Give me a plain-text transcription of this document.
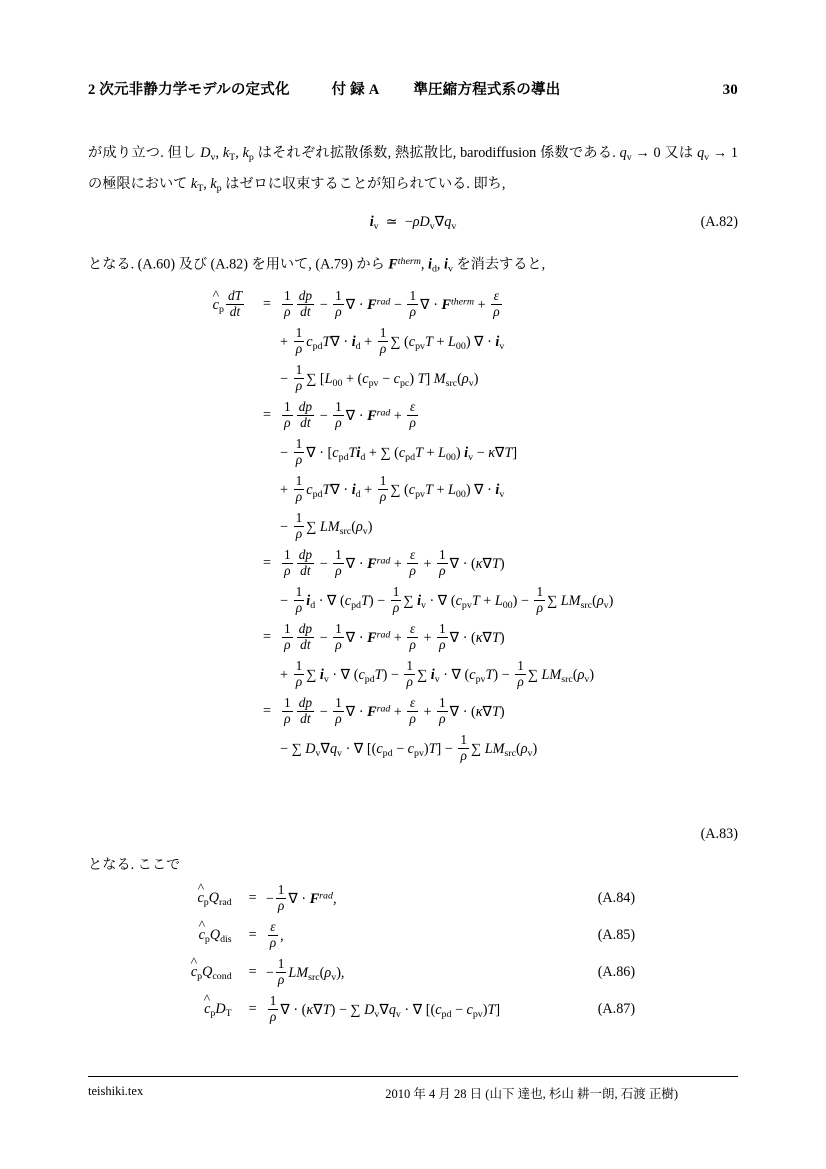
2 次元非静力学モデルの定式化	付 録 A 準圧縮方程式系の導出	30
が成り立つ. 但し $D_v$, $k_T$, $k_p$ はそれぞれ拡散係数, 熱拡散比, barodiffusion 係数である. $q_v \to 0$ 又は $q_v \to 1$ の極限において $k_T$, $k_p$ はゼロに収束することが知られている. 即ち,
$i_v$  ≃  $-\rho D_v\nabla q_v$	(A.82)
となる. (A.60) 及び (A.82) を用いて, (A.79) から $F^{therm}$, $i_d$, $i_v$ を消去すると,
c $\^{}_p \frac{dT}{dt}$	=	$\frac{1}{\rho} \frac{dp}{dt} - \frac{1}{\rho}$ ∇ · $F^{rad} - \frac{1}{\rho}$ ∇ · $F^{therm} + \frac{\varepsilon}{\rho}$

		+ $\frac{1}{\rho} c_{pd}T\nabla \cdot i_d + \frac{1}{\rho}$ ∑ $(c_{pv}T + L_{00})$ ∇ · $i_v$
		− $\frac{1}{\rho}$ ∑ [$L_{00} + (c_{pv} - c_{pc})$ T] $M_{src}(\rho_v)$
	=	$\frac{1}{\rho} \frac{dp}{dt} - \frac{1}{\rho}$ ∇ · $F^{rad} + \frac{\varepsilon}{\rho}$

		− $\frac{1}{\rho}$ ∇ · [$c_{pd}Ti_d$ + ∑ $(c_{pd}T + L_{00}) i_v - \kappa\nabla T$]
		+ $\frac{1}{\rho} c_{pd}T\nabla \cdot i_d + \frac{1}{\rho}$ ∑ $(c_{pv}T + L_{00})$ ∇ · $i_v$
		− $\frac{1}{\rho}$ ∑ $LM_{src}(\rho_v)$
	=	$\frac{1}{\rho} \frac{dp}{dt} - \frac{1}{\rho}$ ∇ · $F^{rad} + \frac{\varepsilon}{\rho} + \frac{1}{\rho}$ ∇ · (κ∇T)
		− $\frac{1}{\rho} i_d$ · ∇ $(c_{pd}T) - \frac{1}{\rho}$ ∑ $i_v$ · ∇ $(c_{pv}T + L_{00}) - \frac{1}{\rho}$ ∑ $LM_{src}(\rho_v)$
	=	$\frac{1}{\rho} \frac{dp}{dt} - \frac{1}{\rho}$ ∇ · $F^{rad} + \frac{\varepsilon}{\rho} + \frac{1}{\rho}$ ∇ · (κ∇T)
		+ $\frac{1}{\rho}$ ∑ $i_v$ · ∇ $(c_{pd}T) - \frac{1}{\rho}$ ∑ $i_v$ · ∇ $(c_{pv}T) - \frac{1}{\rho}$ ∑ $LM_{src}(\rho_v)$
	=	$\frac{1}{\rho} \frac{dp}{dt} - \frac{1}{\rho}$ ∇ · $F^{rad} + \frac{\varepsilon}{\rho} + \frac{1}{\rho}$ ∇ · (κ∇T)
		− ∑ $D_v\nabla q_v$ · ∇ $[(c_{pd} - c_{pv})T] - \frac{1}{\rho}$ ∑ $LM_{src}(\rho_v)$
(A.83)
となる. ここで
c $\^{}_pQ_{rad}$	=	− $\frac{1}{\rho}$ ∇ · $F^{rad}$,	(A.84)
c $\^{}_pQ_{dis}$	=	$\frac{\varepsilon}{\rho}$ ,	(A.85)
c $\^{}_pQ_{cond}$	=	− $\frac{1}{\rho} LM_{src}(\rho_v)$,	(A.86)
c $\^{}_pD_T$	=	$\frac{1}{\rho}$ ∇ · (κ∇T) − ∑ $D_v\nabla q_v$ · ∇ $[(c_{pd} - c_{pv})T]$	(A.87)
teishiki.tex	2010 年 4 月 28 日 (山下 達也, 杉山 耕一朗, 石渡 正樹)
